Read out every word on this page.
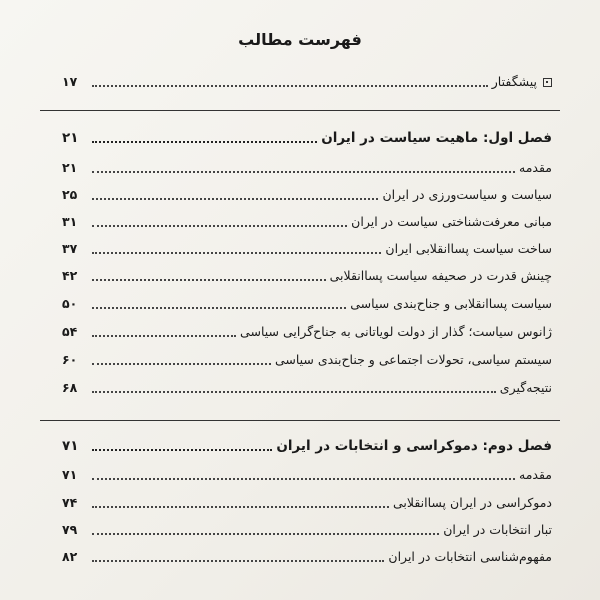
فهرست مطالب
پیشگفتار
۱۷
فصل اول: ماهیت سیاست در ایران
۲۱
مقدمه
۲۱
سیاست و سیاست‌ورزی در ایران
۲۵
مبانی معرفت‌شناختی سیاست در ایران
۳۱
ساخت سیاست پساانقلابی ایران
۳۷
چینش قدرت در صحیفه سیاست پساانقلابی
۴۲
سیاست پساانقلابی و جناح‌بندی سیاسی
۵۰
ژانوس سیاست؛ گذار از دولت لویاتانی به جناح‌گرایی سیاسی
۵۴
سیستم سیاسی، تحولات اجتماعی و جناح‌بندی سیاسی
۶۰
نتیجه‌گیری
۶۸
فصل دوم: دموکراسی و انتخابات در ایران
۷۱
مقدمه
۷۱
دموکراسی در ایران پساانقلابی
۷۴
تبار انتخابات در ایران
۷۹
مفهوم‌شناسی انتخابات در ایران
۸۲
